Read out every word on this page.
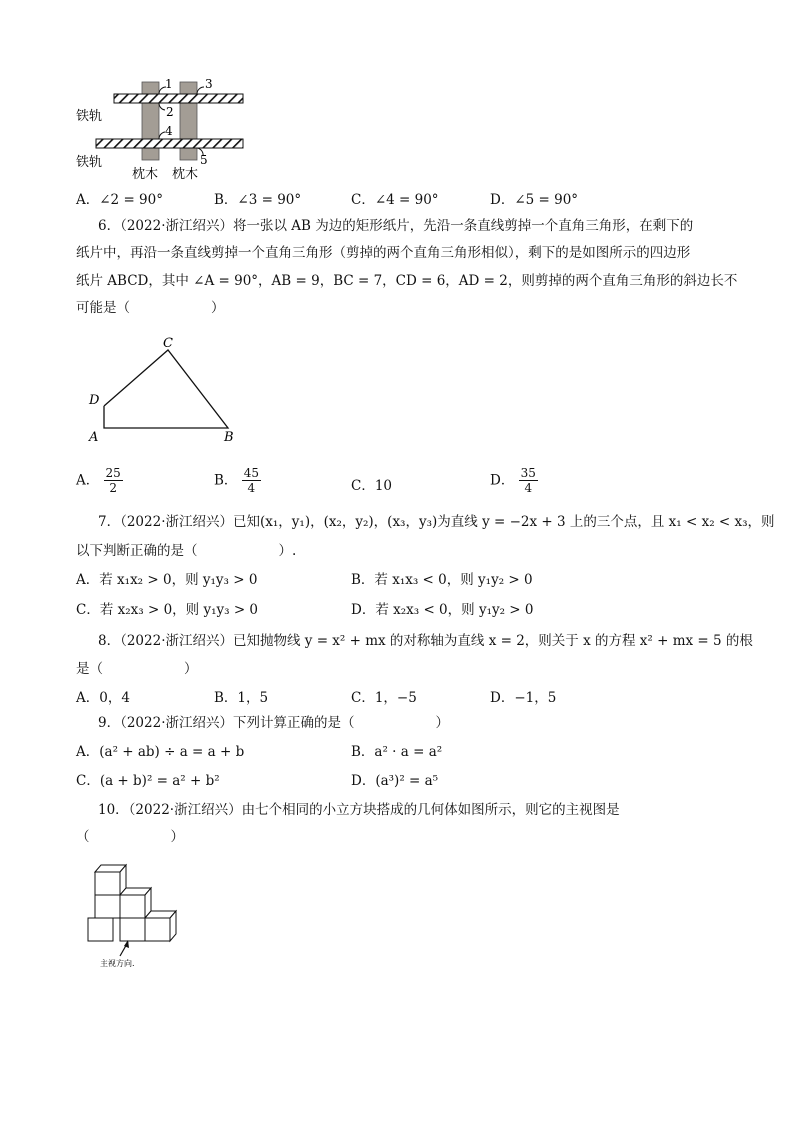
1	3
2
4
5
铁轨
铁轨
枕木 枕木
A．∠2 = 90°	B．∠3 = 90°	C．∠4 = 90°	D．∠5 = 90°
6．（2022·浙江绍兴）将一张以 AB 为边的矩形纸片，先沿一条直线剪掉一个直角三角形，在剩下的
纸片中，再沿一条直线剪掉一个直角三角形（剪掉的两个直角三角形相似），剩下的是如图所示的四边形
纸片 ABCD，其中 ∠A = 90°，AB = 9，BC = 7，CD = 6，AD = 2，则剪掉的两个直角三角形的斜边长不
可能是（　　　　　　）
C
D
A	B
A． $\frac{25}{2}$	B． $\frac{45}{4}$	C．10	D． $\frac{35}{4}$
7．（2022·浙江绍兴）已知(x₁，y₁)，(x₂，y₂)，(x₃，y₃)为直线 y = −2x + 3 上的三个点，且 x₁ < x₂ < x₃，则
以下判断正确的是（　　　　　　）.
A．若 x₁x₂ > 0，则 y₁y₃ > 0	B．若 x₁x₃ < 0，则 y₁y₂ > 0
C．若 x₂x₃ > 0，则 y₁y₃ > 0	D．若 x₂x₃ < 0，则 y₁y₂ > 0
8．（2022·浙江绍兴）已知抛物线 y = x² + mx 的对称轴为直线 x = 2，则关于 x 的方程 x² + mx = 5 的根
是（　　　　　　）
A．0，4	B．1，5	C．1，−5	D．−1，5
9．（2022·浙江绍兴）下列计算正确的是（　　　　　　）
A．(a² + ab) ÷ a = a + b	B．a² · a = a²
C．(a + b)² = a² + b²	D．(a³)² = a⁵
10．（2022·浙江绍兴）由七个相同的小立方块搭成的几何体如图所示，则它的主视图是
（　　　　　　）
主视方向.
